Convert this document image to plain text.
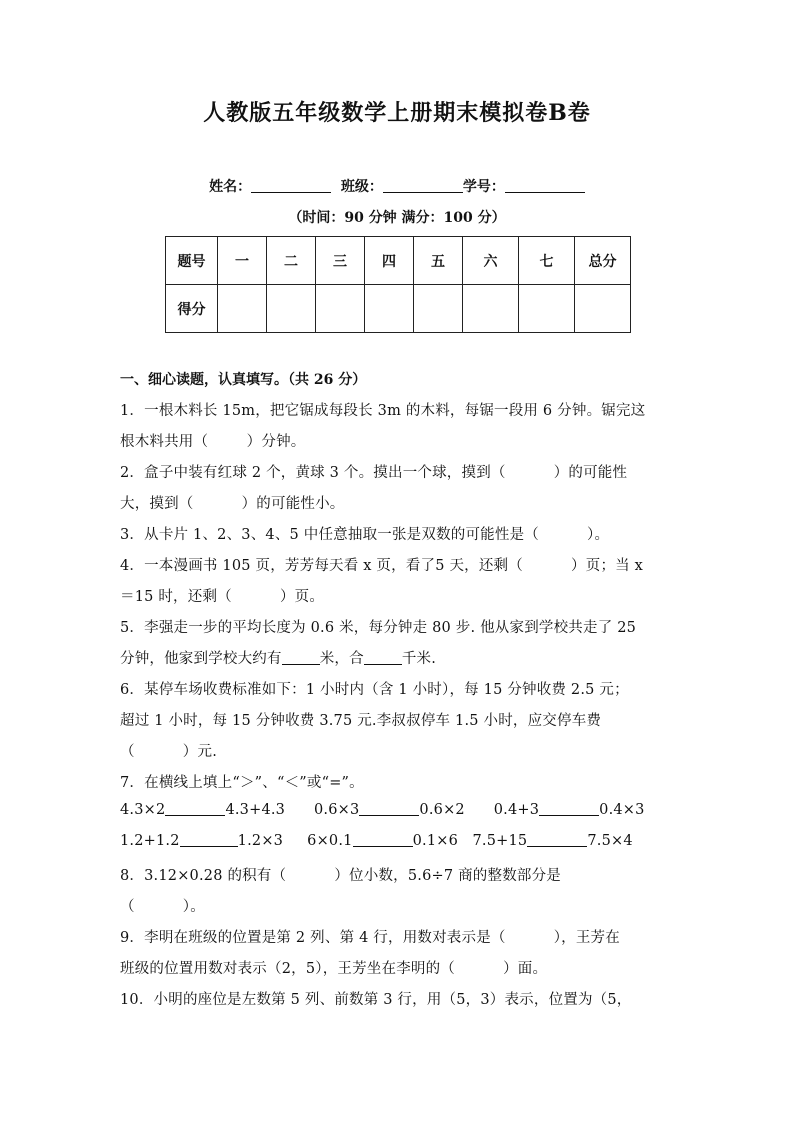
人教版五年级数学上册期末模拟卷B卷
姓名：	班级：	学号：
（时间：90 分钟 满分：100 分）
题号	一	二	三	四	五	六	七	总分
得分								
一、细心读题，认真填写。（共 26 分）
1．一根木料长 15m，把它锯成每段长 3m 的木料，每锯一段用 6 分钟。锯完这
根木料共用（        ）分钟。
2．盒子中装有红球 2 个，黄球 3 个。摸出一个球，摸到（          ）的可能性
大，摸到（          ）的可能性小。
3．从卡片 1、2、3、4、5 中任意抽取一张是双数的可能性是（          ）。
4．一本漫画书 105 页，芳芳每天看 x 页，看了5 天，还剩（          ）页；当 x
＝15 时，还剩（          ）页。
5．李强走一步的平均长度为 0.6 米，每分钟走 80 步. 他从家到学校共走了 25
分钟，他家到学校大约有	米，合	千米.
6．某停车场收费标准如下：1 小时内（含 1 小时），每 15 分钟收费 2.5 元；
超过 1 小时，每 15 分钟收费 3.75 元.李叔叔停车 1.5 小时，应交停车费
（          ）元.
7．在横线上填上“＞”、“＜”或“=”。
4.3×2	4.3+4.3 0.6×3	0.6×2 0.4+3	0.4×3
1.2+1.2	1.2×3 6×0.1	0.1×6 7.5+15	7.5×4
8．3.12×0.28 的积有（          ）位小数，5.6÷7 商的整数部分是
（          ）。
9．李明在班级的位置是第 2 列、第 4 行，用数对表示是（          ），王芳在
班级的位置用数对表示（2，5），王芳坐在李明的（          ）面。
10．小明的座位是左数第 5 列、前数第 3 行，用（5，3）表示，位置为（5，
